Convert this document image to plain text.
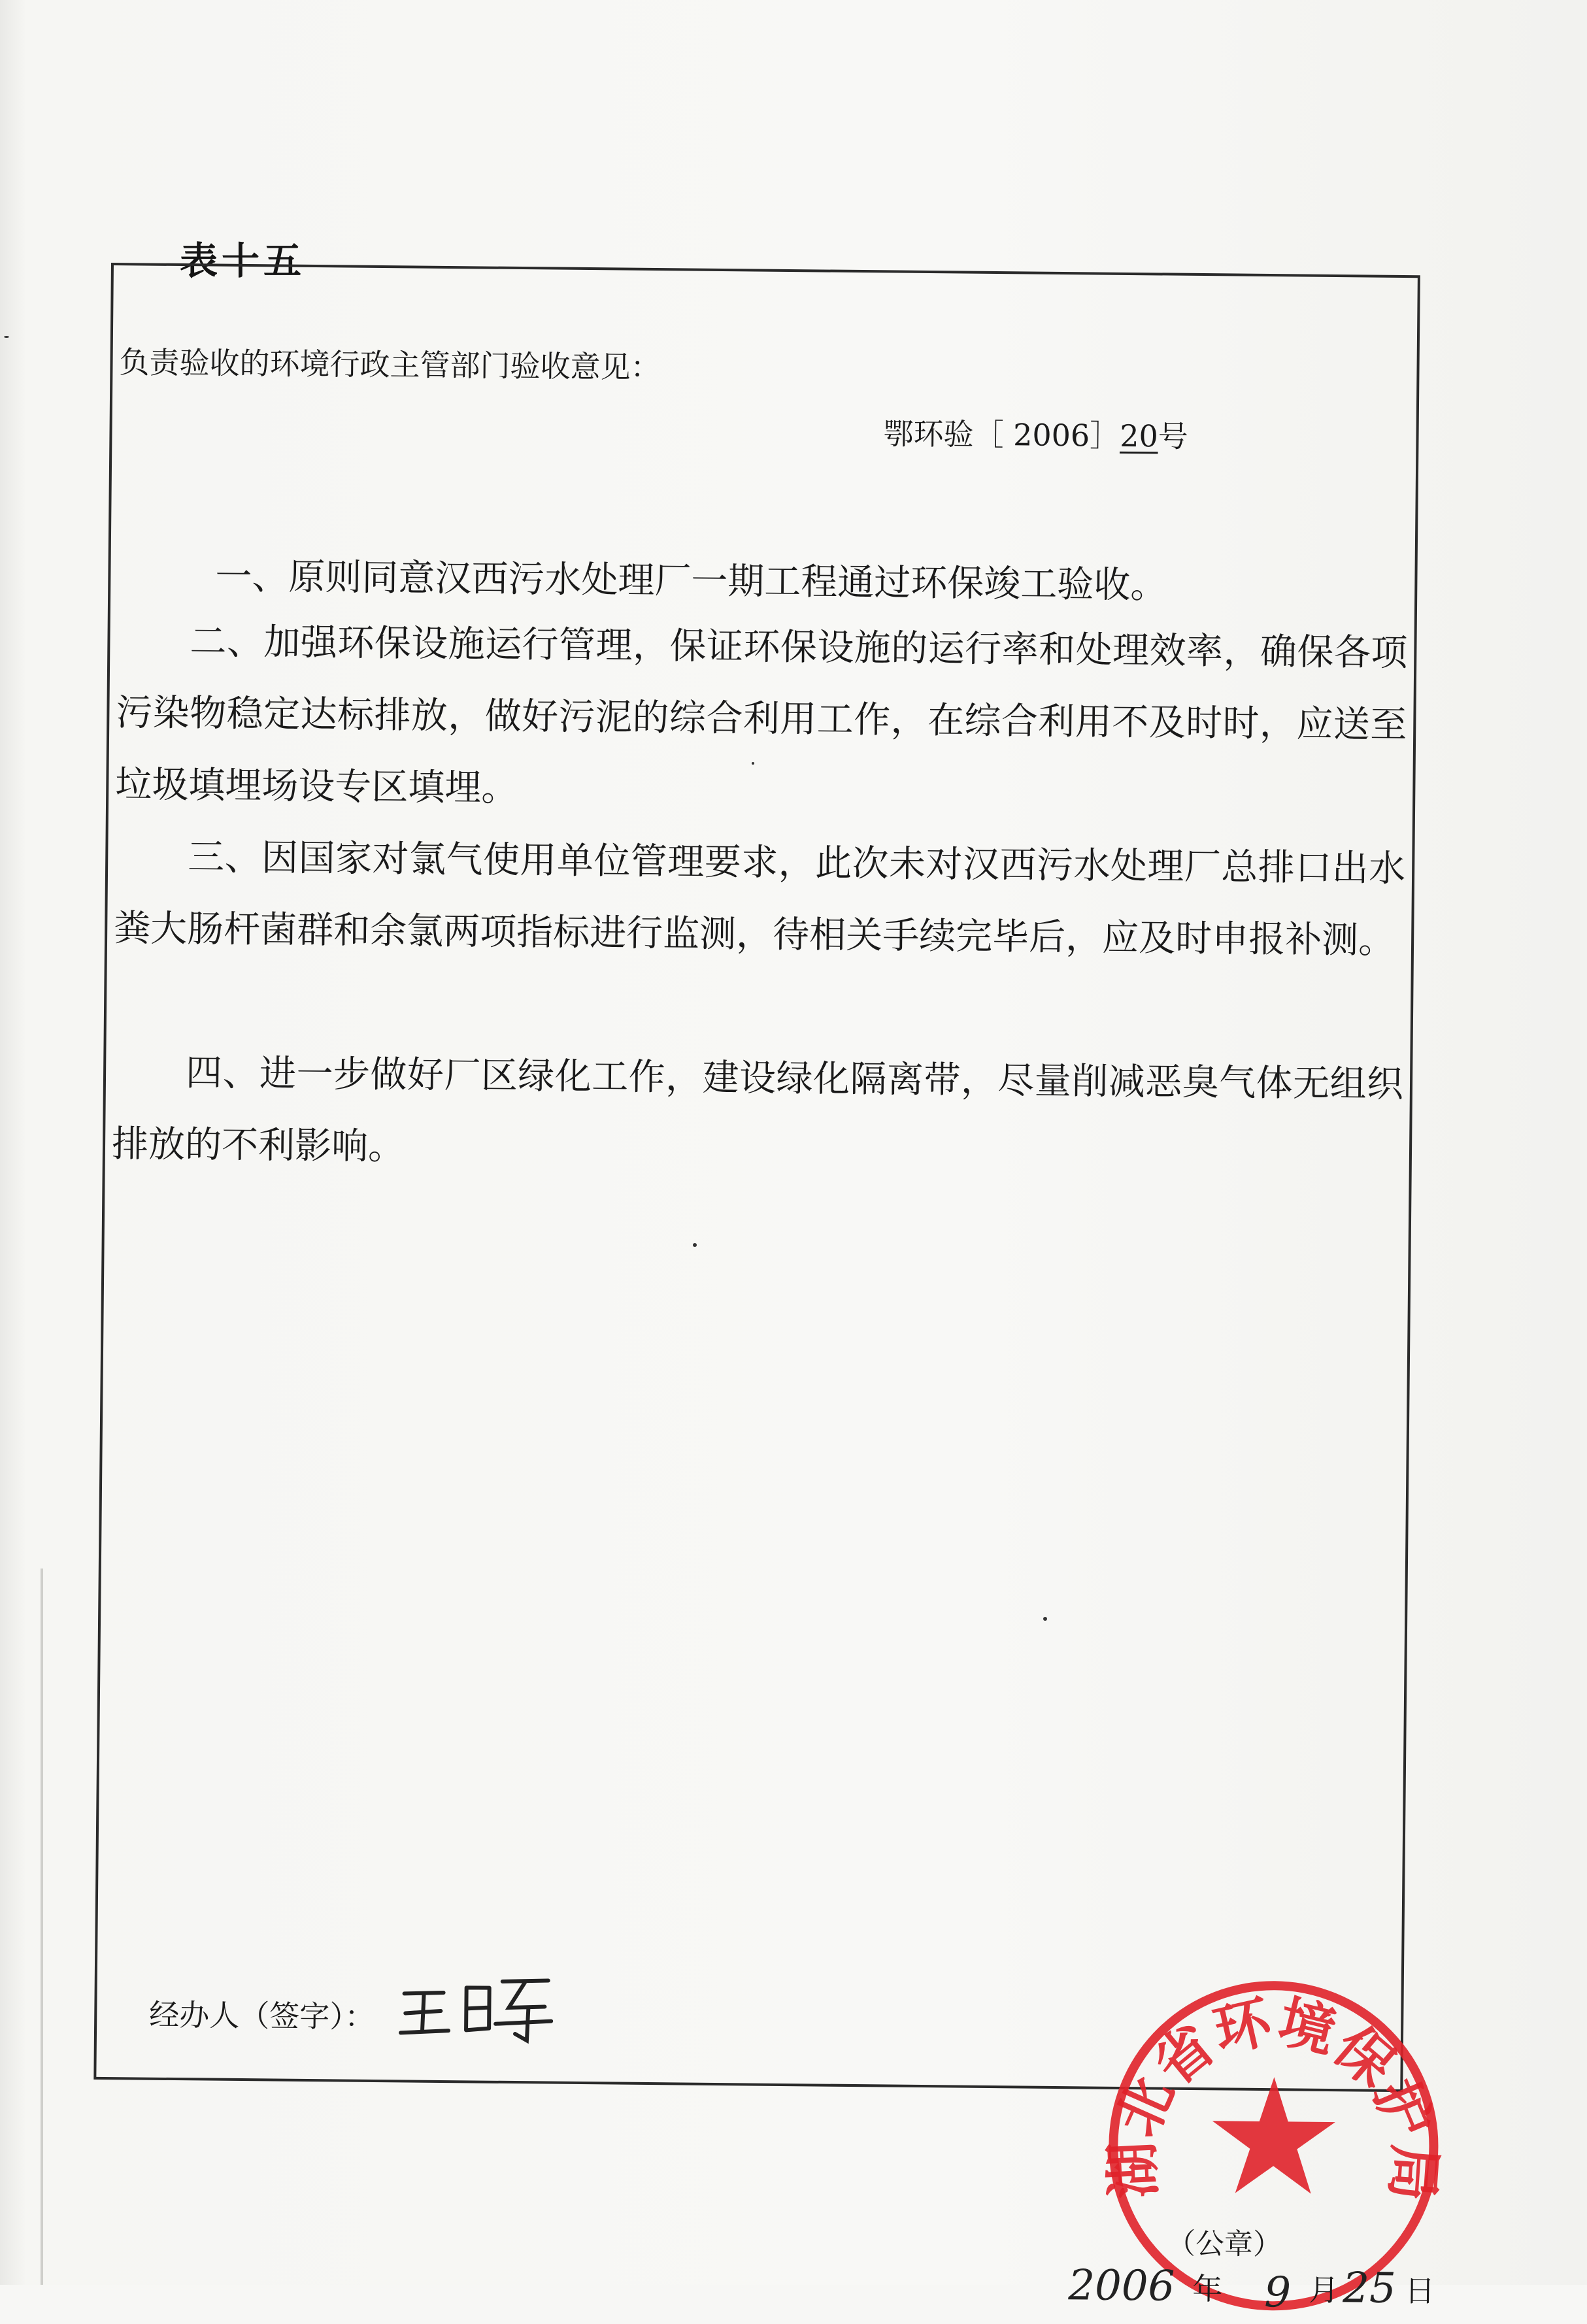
表十五
负责验收的环境行政主管部门验收意见：
鄂环验［ 2006］20号
一、原则同意汉西污水处理厂一期工程通过环保竣工验收。
二、加强环保设施运行管理，保证环保设施的运行率和处理效率，确保各项污染物稳定达标排放，做好污泥的综合利用工作，在综合利用不及时时，应送至垃圾填埋场设专区填埋。
三、因国家对氯气使用单位管理要求，此次未对汉西污水处理厂总排口出水粪大肠杆菌群和余氯两项指标进行监测，待相关手续完毕后，应及时申报补测。
四、进一步做好厂区绿化工作，建设绿化隔离带，尽量削减恶臭气体无组织排放的不利影响。
经办人（签字）：
湖北省环境保护局
（公章）
2006 年 9 月 25 日
